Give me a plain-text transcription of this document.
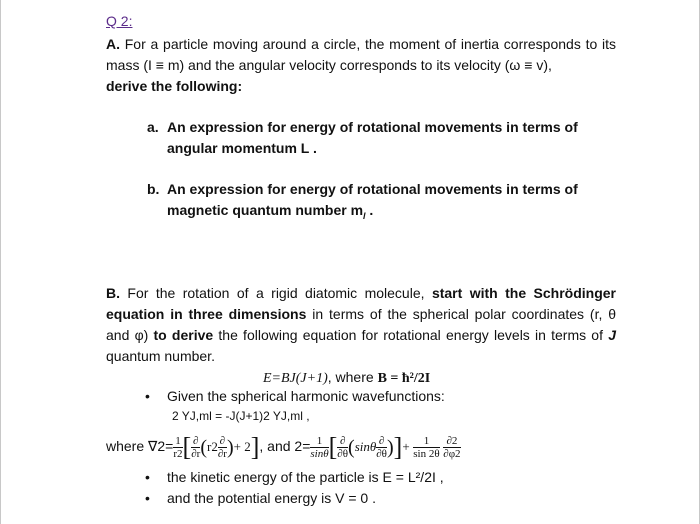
Q 2:
A. For a particle moving around a circle, the moment of inertia corresponds to its mass (I ≡ m) and the angular velocity corresponds to its velocity (ω ≡ v),
derive the following:
a. An expression for energy of rotational movements in terms of
angular momentum L .
b. An expression for energy of rotational movements in terms of
magnetic quantum number $m_l$ .
B. For the rotation of a rigid diatomic molecule, start with the Schrödinger equation in three dimensions in terms of the spherical polar coordinates (r, θ and φ) to derive the following equation for rotational energy levels in terms of J quantum number.
E=BJ(J+1), where B = ħ²/2I
• Given the spherical harmonic wavefunctions:
2 YJ,ml = -J(J+1)2 YJ,ml ,
where $\nabla 2= \frac{1}{r2}$ [ $\frac{\partial}{\partial r} (r2 \frac{\partial}{\partial r}$ )+ 2], and $2= \frac{1}{\sin\theta}$ [ $\frac{\partial}{\partial\theta} (\sin\theta \frac{\partial}{\partial\theta}$ )]+ $\frac{1}{\sin 2\theta}$
$\frac{\partial 2}{\partial\varphi 2}$
• the kinetic energy of the particle is E = L²/2I ,
• and the potential energy is V = 0 .
